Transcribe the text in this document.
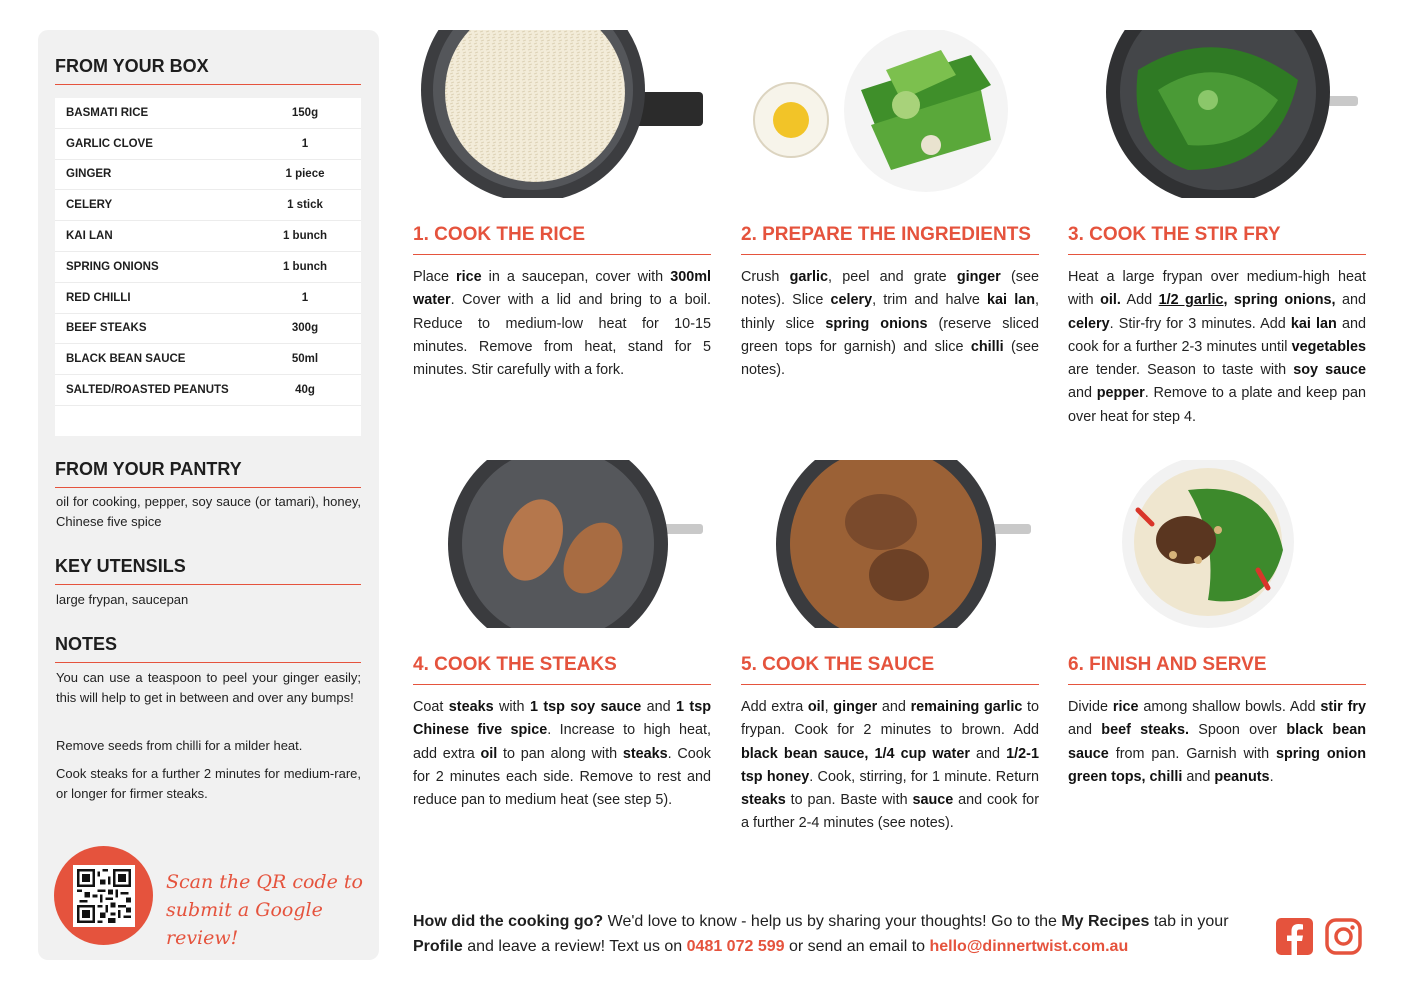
FROM YOUR BOX
BASMATI RICE	150g
GARLIC CLOVE	1
GINGER	1 piece
CELERY	1 stick
KAI LAN	1 bunch
SPRING ONIONS	1 bunch
RED CHILLI	1
BEEF STEAKS	300g
BLACK BEAN SAUCE	50ml
SALTED/ROASTED PEANUTS	40g
FROM YOUR PANTRY
oil for cooking, pepper, soy sauce (or tamari), honey, Chinese five spice
KEY UTENSILS
large frypan, saucepan
NOTES
You can use a teaspoon to peel your ginger easily; this will help to get in between and over any bumps!
Remove seeds from chilli for a milder heat.
Cook steaks for a further 2 minutes for medium-rare, or longer for firmer steaks.
Scan the QR code to submit a Google review!
1. COOK THE RICE
Place rice in a saucepan, cover with 300ml water. Cover with a lid and bring to a boil. Reduce to medium-low heat for 10-15 minutes. Remove from heat, stand for 5 minutes. Stir carefully with a fork.
2. PREPARE THE INGREDIENTS
Crush garlic, peel and grate ginger (see notes). Slice celery, trim and halve kai lan, thinly slice spring onions (reserve sliced green tops for garnish) and slice chilli (see notes).
3. COOK THE STIR FRY
Heat a large frypan over medium-high heat with oil. Add 1/2 garlic, spring onions, and celery. Stir-fry for 3 minutes. Add kai lan and cook for a further 2-3 minutes until vegetables are tender. Season to taste with soy sauce and pepper. Remove to a plate and keep pan over heat for step 4.
4. COOK THE STEAKS
Coat steaks with 1 tsp soy sauce and 1 tsp Chinese five spice. Increase to high heat, add extra oil to pan along with steaks. Cook for 2 minutes each side. Remove to rest and reduce pan to medium heat (see step 5).
5. COOK THE SAUCE
Add extra oil, ginger and remaining garlic to frypan. Cook for 2 minutes to brown. Add black bean sauce, 1/4 cup water and 1/2-1 tsp honey. Cook, stirring, for 1 minute. Return steaks to pan. Baste with sauce and cook for a further 2-4 minutes (see notes).
6. FINISH AND SERVE
Divide rice among shallow bowls. Add stir fry and beef steaks. Spoon over black bean sauce from pan. Garnish with spring onion green tops, chilli and peanuts.
How did the cooking go? We'd love to know - help us by sharing your thoughts! Go to the My Recipes tab in your Profile and leave a review! Text us on 0481 072 599 or send an email to hello@dinnertwist.com.au
